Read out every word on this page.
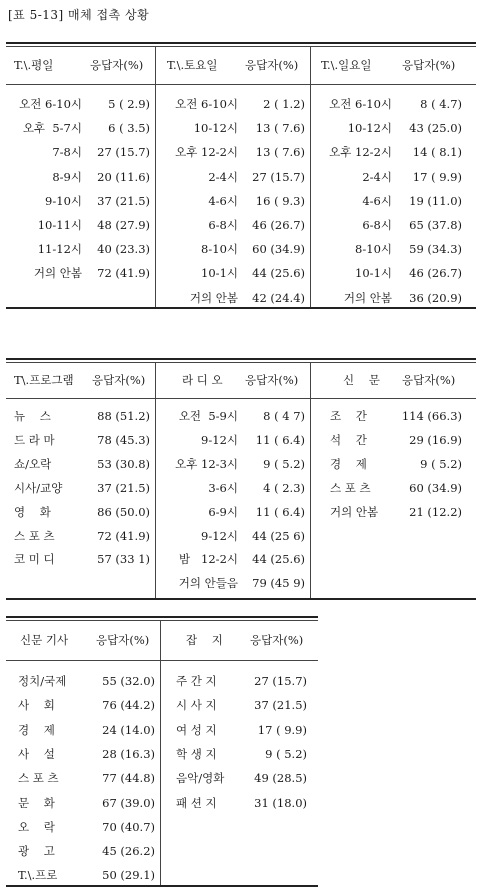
[표 5-13] 매체 접촉 상황
T.\.평일	응답자(%)
오전 6-10시	5 ( 2.9)
오후  5-7시	6 ( 3.5)
7-8시	27 (15.7)
8-9시	20 (11.6)
9-10시	37 (21.5)
10-11시	48 (27.9)
11-12시	40 (23.3)
거의 안봄	72 (41.9)
T.\.토요일 응답자(%)
오전 6-10시	2 ( 1.2)
10-12시	13 ( 7.6)
오후 12-2시	13 ( 7.6)
2-4시	27 (15.7)
4-6시	16 ( 9.3)
6-8시	46 (26.7)
8-10시	60 (34.9)
10-1시	44 (25.6)
거의 안봄	42 (24.4)
T.\.일요일	응답자(%)
오전 6-10시	8 ( 4.7)
10-12시	43 (25.0)
오후 12-2시	14 ( 8.1)
2-4시	17 ( 9.9)
4-6시	19 (11.0)
6-8시	65 (37.8)
8-10시	59 (34.3)
10-1시	46 (26.7)
거의 안봄	36 (20.9)
T\.프로그램 응답자(%)
뉴    스	88 (51.2)
드 라 마	78 (45.3)
쇼/오락	53 (30.8)
시사/교양	37 (21.5)
영    화	86 (50.0)
스 포 츠	72 (41.9)
코 미 디	57 (33 1)
라 디 오 응답자(%)
오전  5-9시	8 ( 4 7)
9-12시	11 ( 6.4)
오후 12-3시	9 ( 5.2)
3-6시	4 ( 2.3)
6-9시	11 ( 6.4)
9-12시	44 (25 6)
밤   12-2시	44 (25.6)
거의 안들음	79 (45 9)
신    문 응답자(%)
조    간	114 (66.3)
석    간	29 (16.9)
경    제	9 ( 5.2)
스 포 츠	60 (34.9)
거의 안봄	21 (12.2)
신문 기사 응답자(%)
정치/국제	55 (32.0)
사    회	76 (44.2)
경    제	24 (14.0)
사    설	28 (16.3)
스 포 츠	77 (44.8)
문    화	67 (39.0)
오    락	70 (40.7)
광    고	45 (26.2)
T.\.프로	50 (29.1)
잡    지 응답자(%)
주 간 지	27 (15.7)
시 사 지	37 (21.5)
여 성 지	17 ( 9.9)
학 생 지	9 ( 5.2)
음악/영화	49 (28.5)
패 션 지	31 (18.0)
